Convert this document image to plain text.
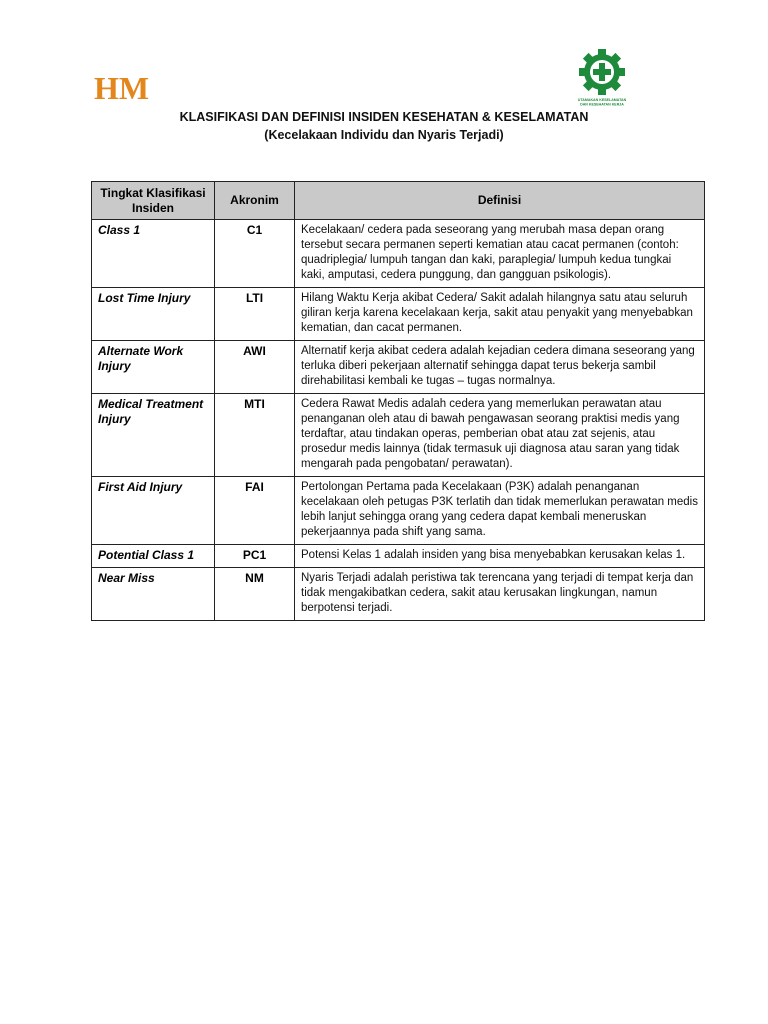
HM	UTAMAKAN KESELAMATAN
DAN KESEHATAN KERJA
KLASIFIKASI DAN DEFINISI INSIDEN KESEHATAN & KESELAMATAN
(Kecelakaan Individu dan Nyaris Terjadi)
Tingkat Klasifikasi Insiden	Akronim	Definisi
Class 1	C1	Kecelakaan/ cedera pada seseorang yang merubah masa depan orang tersebut secara permanen seperti kematian atau cacat permanen (contoh: quadriplegia/ lumpuh tangan dan kaki, paraplegia/ lumpuh kedua tungkai kaki, amputasi, cedera punggung, dan gangguan psikologis).
Lost Time Injury	LTI	Hilang Waktu Kerja akibat Cedera/ Sakit adalah hilangnya satu atau seluruh giliran kerja karena kecelakaan kerja, sakit atau penyakit yang menyebabkan kematian, dan cacat permanen.
Alternate Work Injury	AWI	Alternatif kerja akibat cedera adalah kejadian cedera dimana seseorang yang terluka diberi pekerjaan alternatif sehingga dapat terus bekerja sambil direhabilitasi kembali ke tugas – tugas normalnya.
Medical Treatment Injury	MTI	Cedera Rawat Medis adalah cedera yang memerlukan perawatan atau penanganan oleh atau di bawah pengawasan seorang praktisi medis yang terdaftar, atau tindakan operas, pemberian obat atau zat sejenis, atau prosedur medis lainnya (tidak termasuk uji diagnosa atau saran yang tidak mengarah pada pengobatan/ perawatan).
First Aid Injury	FAI	Pertolongan Pertama pada Kecelakaan (P3K) adalah penanganan kecelakaan oleh petugas P3K terlatih dan tidak memerlukan perawatan medis lebih lanjut sehingga orang yang cedera dapat kembali meneruskan pekerjaannya pada shift yang sama.
Potential Class 1	PC1	Potensi Kelas 1 adalah insiden yang bisa menyebabkan kerusakan kelas 1.
Near Miss	NM	Nyaris Terjadi adalah peristiwa tak terencana yang terjadi di tempat kerja dan tidak mengakibatkan cedera, sakit atau kerusakan lingkungan, namun berpotensi terjadi.
